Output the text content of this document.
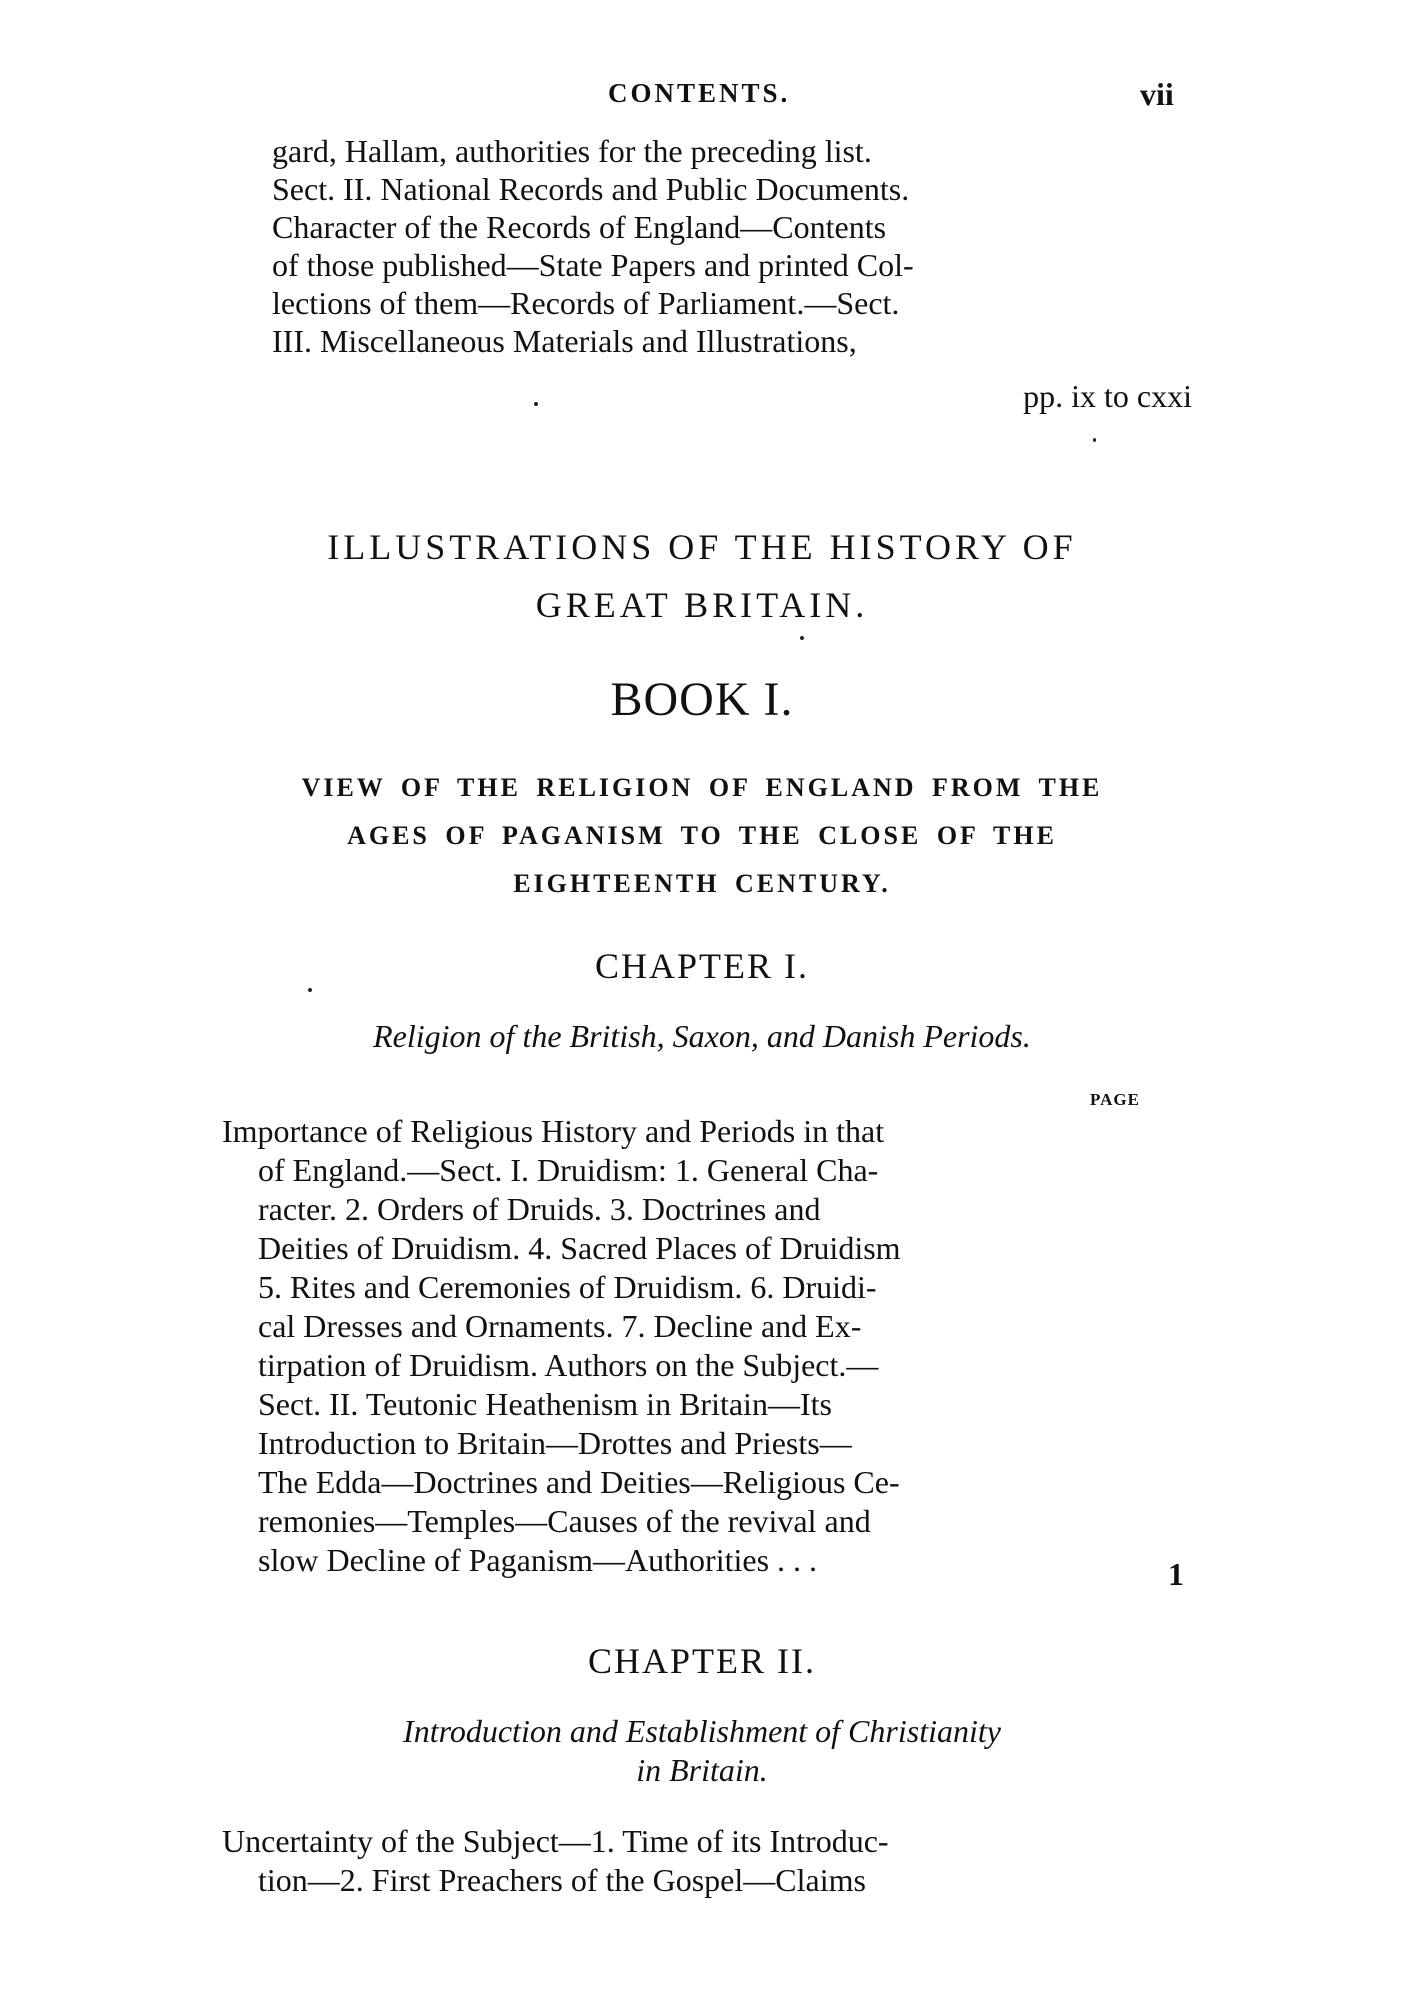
CONTENTS.	vii
gard, Hallam, authorities for the preceding list.
Sect. II. National Records and Public Documents.
Character of the Records of England—Contents
of those published—State Papers and printed Col-
lections of them—Records of Parliament.—Sect.
III. Miscellaneous Materials and Illustrations,
pp. ix to cxxi
ILLUSTRATIONS OF THE HISTORY OF
GREAT BRITAIN.
BOOK I.
VIEW OF THE RELIGION OF ENGLAND FROM THE
AGES OF PAGANISM TO THE CLOSE OF THE
EIGHTEENTH CENTURY.
CHAPTER I.
Religion of the British, Saxon, and Danish Periods.
PAGE
Importance of Religious History and Periods in that
of England.—Sect. I. Druidism: 1. General Cha-
racter. 2. Orders of Druids. 3. Doctrines and
Deities of Druidism. 4. Sacred Places of Druidism
5. Rites and Ceremonies of Druidism. 6. Druidi-
cal Dresses and Ornaments. 7. Decline and Ex-
tirpation of Druidism. Authors on the Subject.—
Sect. II. Teutonic Heathenism in Britain—Its
Introduction to Britain—Drottes and Priests—
The Edda—Doctrines and Deities—Religious Ce-
remonies—Temples—Causes of the revival and
slow Decline of Paganism—Authorities . . .	1
CHAPTER II.
Introduction and Establishment of Christianity
in Britain.
Uncertainty of the Subject—1. Time of its Introduc-
tion—2. First Preachers of the Gospel—Claims
